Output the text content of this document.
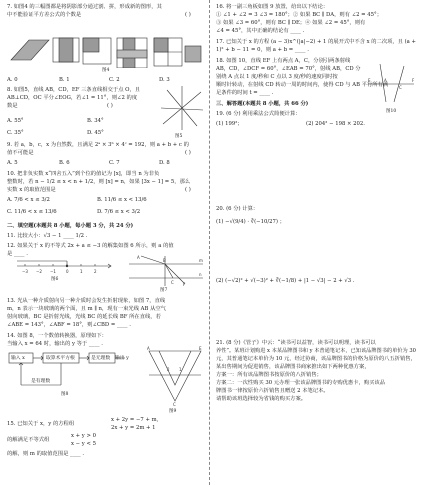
7. 如图4 的三幅图都是将阴影部分通过割、拼，形成新的图形，其
中不能验证平方差公式的个数是	( )
图4
A. 0	B. 1	C. 2	D. 3
8. 如图5，直线 AB，CD，EF 三条直线相交于点 O，且
AB⊥CD，OC 平分∠EOG，若∠1 = 11°，则∠2 的度
数是	( )
图5
A. 55°	B. 34°
C. 35°	D. 45°
9. 若 a，b，c，x 为自然数，且满足 2ᵃ × 3ᵇ × 4ᶜ = 192，则 a + b + c 的
值不可能是	( )
A. 5	B. 6	C. 7	D. 8
10. 把非负实数 x“四舍五入”到个位的值记为 [x]，即当 n 为非负
整数时，若 n − 1/2 ≤ x < n + 1/2，则 [x] = n，如果 [3x − 1] = 5，那么
实数 x 的取值范围是	( )
A. 7/6 < x ≤ 3/2	B. 11/6 ≤ x < 13/6
C. 11/6 < x ≤ 13/6	D. 7/6 ≤ x < 3/2
二、填空题(本题共 8 小题，每小题 3 分，共 24 分)
11. 比较大小：√3 − 1 ____ 1/2 .
12. 如果关于 x 的不等式 2x + a ≤ −3 的解集如图 6 所示，则 a 的值
是 ____ .
−3 −2 −1	0	1	2
图6
A
B	m
n
C F
图7
13. 光从一种介质射向另一种介质时会发生折射现象，如图 7，直线
m，n 表示一块玻璃的两个面，且 m ∥ n，现有一束光线 AB 从空气
射向玻璃，BC 是折射光线，光线 BC 的延长线 BF 所在直线，若
∠ABE = 143°，∠ABF = 18°，则∠CBD = ____ .
14. 如图 8，一个数值转换器，原理如下：
当输入 x = 64 时，输出的 y 等于 ____ .
输入 x	取算术平方根	是无理数 输出 y
是有理数
图8
A	E
C
1
2
图9
15. 已知关于 x，y 的方程组
x + 2y = −7 + m,
2x + y = 2m + 1
的解满足不等式组
x + y > 0
x − y < 5
的解，则 m 的取值范围是 ____ .
16. 将一副三角板如图 9 放置，给出以下结论：
① ∠1 + ∠2 = 3 ∠3 = 180°；② 如果 BC ∥ DA，则有 ∠2 = 45°；
③ 如果 ∠3 = 60°，则有 BC ∥ DE；④ 如果 ∠2 = 45°，则有
∠4 = 45°，其中正确的结论有 ____ .
17. 已知关于 x 的方程 (a − 3)x^(|a|−2) + 1 的展开式中不含 x 的二次项，且 (a +
1)² + b − 11 = 0，则 a + b = ____ .
18. 如图 10，直线 EF 上有两点 A，C，分别引两条射线
AB，CD，∠DCF = 60°，∠EAB = 70°，射线 AB，CD 分
别绕 A 点以 1 度/秒和 C 点以 3 度/秒的速度同时按
顺时针转动，在射线 CD 转动一周的时间内，使得 CD 与 AB 平行所有满
足条件的时间 t = ____ .
E	F
A
C
图10
三、解答题(本题共 8 小题，共 66 分)
19. (6 分) 利用乘法公式简便计算：
(1) 199²；	(2) 204² − 198 × 202.
20. (6 分) 计算：
(1) −√(9/4) · ∛(−10/27) ；
(2) (−√2)² + √(−3)² + ∛(−1/8) + |1 − √3| − 2 + √3 .
21. (8 分)《管子》中云：“读书可以益智，读书可以明理，读书可以
养性”。某班计划购进 x 本某品牌图书和 y 本普通笔记本，已知该品牌图书的单价为 30
元，其普通笔记本单价为 10 元，经过协商，该品牌图书的价格为原价的八五折销售，
某出售期间为促进销售，该品牌图书商家推出如下两种优惠方案，
方案一：所有该品牌图书按原价的八折销售；
方案二：一次性购买 30 元办理一张该品牌图书的专购优惠卡，购买该品
牌图书一律按原价六折销售且赠送 2 本笔记本。
请帮助该班选择较为省钱的购买方案。
